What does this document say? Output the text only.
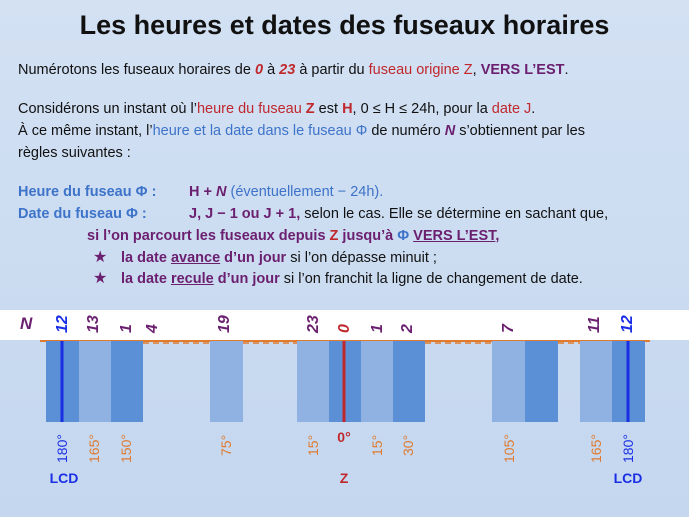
Les heures et dates des fuseaux horaires
Numérotons les fuseaux horaires de 0 à 23 à partir du fuseau origine Z, VERS L’EST.
Considérons un instant où l’heure du fuseau Z est H, 0 ≤ H ≤ 24h, pour la date J.
À ce même instant, l’heure et la date dans le fuseau Φ de numéro N s’obtiennent par les
règles suivantes :
Heure du fuseau Φ : H + N (éventuellement − 24h).
Date du fuseau Φ :	J, J − 1 ou J + 1, selon le cas. Elle se détermine en sachant que,
si l’on parcourt les fuseaux depuis Z jusqu’à Φ VERS L’EST,
★ la date avance d’un jour si l’on dépasse minuit ;
★ la date recule d’un jour si l’on franchit la ligne de changement de date.
N 12 13 1 4	19	23 0 1 2	7	11 12
180° 165° 150°	75°	15° 0° 15° 30°	105°	165° 180°
LCD	Z	LCD
